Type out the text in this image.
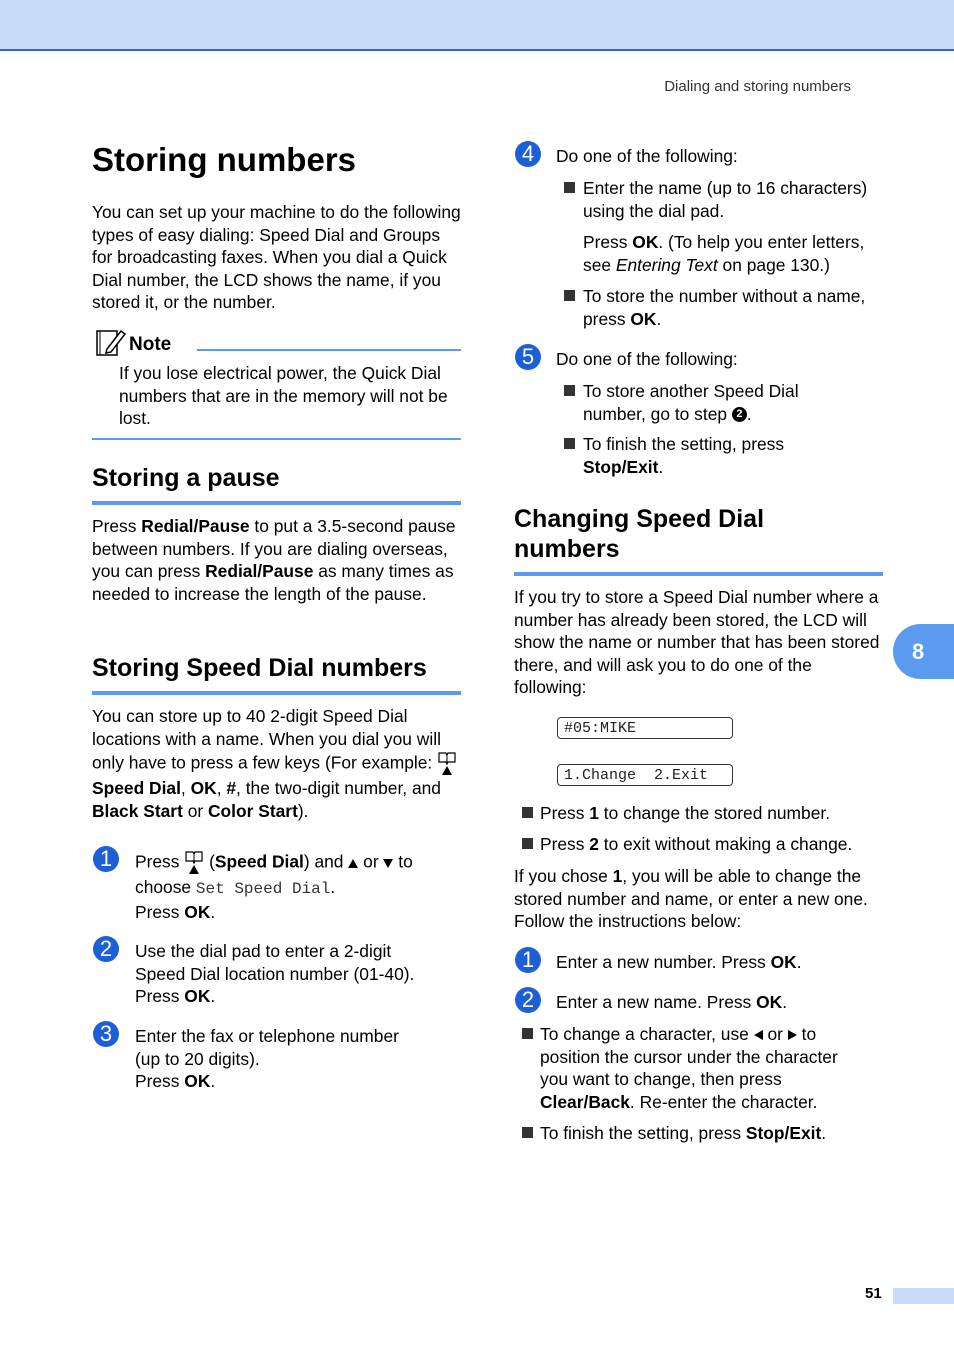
Dialing and storing numbers
Storing numbers
You can set up your machine to do the following types of easy dialing: Speed Dial and Groups for broadcasting faxes. When you dial a Quick Dial number, the LCD shows the name, if you stored it, or the number.
Note
If you lose electrical power, the Quick Dial numbers that are in the memory will not be lost.
Storing a pause
Press Redial/Pause to put a 3.5-second pause between numbers. If you are dialing overseas, you can press Redial/Pause as many times as needed to increase the length of the pause.
Storing Speed Dial numbers
You can store up to 40 2-digit Speed Dial locations with a name. When you dial you will only have to press a few keys (For example:  Speed Dial, OK, #, the two-digit number, and Black Start or Color Start).
1	Press  (Speed Dial) and  or  to choose Set Speed Dial.
Press OK.
2	Use the dial pad to enter a 2-digit
Speed Dial location number (01-40).
Press OK.
3	Enter the fax or telephone number
(up to 20 digits).
Press OK.
4	Do one of the following:
Enter the name (up to 16 characters)
using the dial pad.
Press OK. (To help you enter letters,
see Entering Text on page 130.)
To store the number without a name,
press OK.
5	Do one of the following:
To store another Speed Dial
number, go to step 2 .
To finish the setting, press
Stop/Exit.
Changing Speed Dial
numbers
If you try to store a Speed Dial number where a number has already been stored, the LCD will show the name or number that has been stored there, and will ask you to do one of the following:
#05:MIKE
1.Change  2.Exit
Press 1 to change the stored number.
Press 2 to exit without making a change.
If you chose 1, you will be able to change the stored number and name, or enter a new one. Follow the instructions below:
1	Enter a new number. Press OK.
2	Enter a new name. Press OK.
To change a character, use  or  to
position the cursor under the character
you want to change, then press
Clear/Back. Re-enter the character.
To finish the setting, press Stop/Exit.
8
51
